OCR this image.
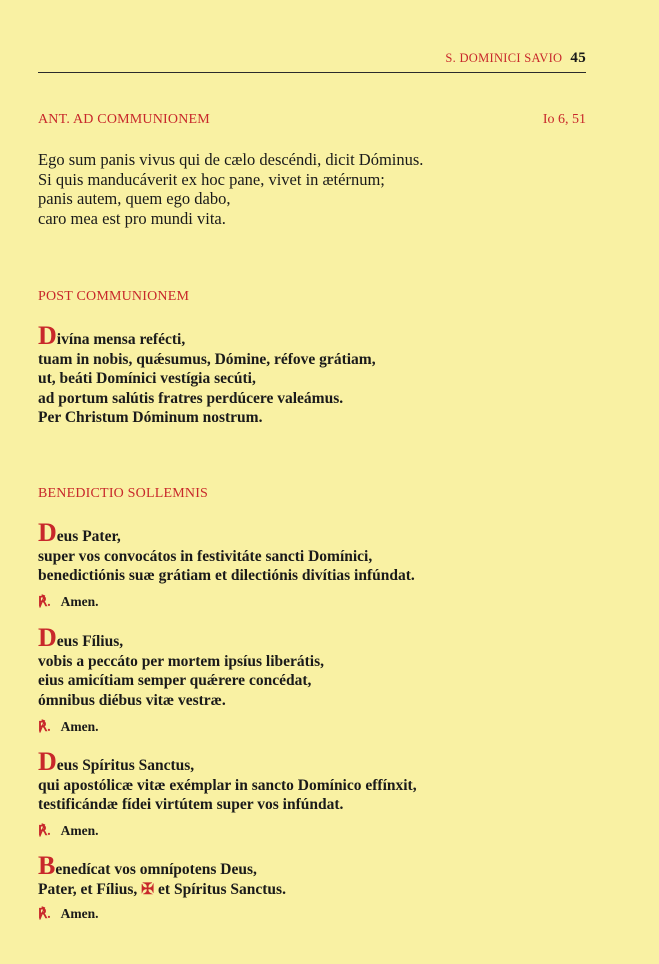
S. DOMINICI SAVIO 45
ANT. AD COMMUNIONEM	Io 6, 51
Ego sum panis vivus qui de cælo descéndi, dicit Dóminus.
Si quis manducáverit ex hoc pane, vivet in ætérnum;
panis autem, quem ego dabo,
caro mea est pro mundi vita.
POST COMMUNIONEM
Divína mensa reféсti,
tuam in nobis, quǽsumus, Dómine, réfove grátiam,
ut, beáti Domínici vestígia secúti,
ad portum salútis fratres perdúcere valeámus.
Per Christum Dóminum nostrum.
BENEDICTIO SOLLEMNIS
Deus Pater,
super vos convocátos in festivitáte sancti Domínici,
benedictiónis suæ grátiam et dilectiónis divítias infúndat.
℟. Amen.
Deus Fílius,
vobis a peccáto per mortem ipsíus liberátis,
eius amicítiam semper quǽrere concédat,
ómnibus diébus vitæ vestræ.
℟. Amen.
Deus Spíritus Sanctus,
qui apostólicæ vitæ exémplar in sancto Domínico effínxit,
testificándæ fídei virtútem super vos infúndat.
℟. Amen.
Benedícat vos omnípotens Deus,
Pater, et Fílius, ✠ et Spíritus Sanctus.
℟. Amen.
